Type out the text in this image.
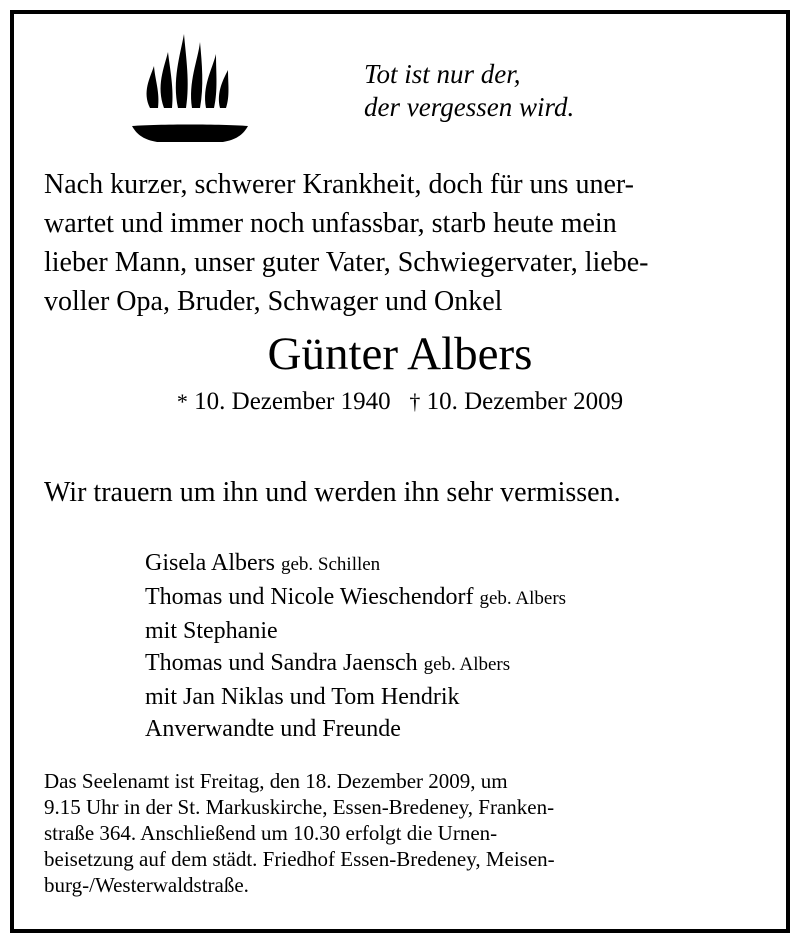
Tot ist nur der,
der vergessen wird.
Nach kurzer, schwerer Krankheit, doch für uns uner-
wartet und immer noch unfassbar, starb heute mein
lieber Mann, unser guter Vater, Schwiegervater, liebe-
voller Opa, Bruder, Schwager und Onkel
Günter Albers
* 10. Dezember 1940 † 10. Dezember 2009
Wir trauern um ihn und werden ihn sehr vermissen.
Gisela Albers geb. Schillen
Thomas und Nicole Wieschendorf geb. Albers
mit Stephanie
Thomas und Sandra Jaensch geb. Albers
mit Jan Niklas und Tom Hendrik
Anverwandte und Freunde
Das Seelenamt ist Freitag, den 18. Dezember 2009, um
9.15 Uhr in der St. Markuskirche, Essen-Bredeney, Franken-
straße 364. Anschließend um 10.30 erfolgt die Urnen-
beisetzung auf dem städt. Friedhof Essen-Bredeney, Meisen-
burg-/Westerwaldstraße.
